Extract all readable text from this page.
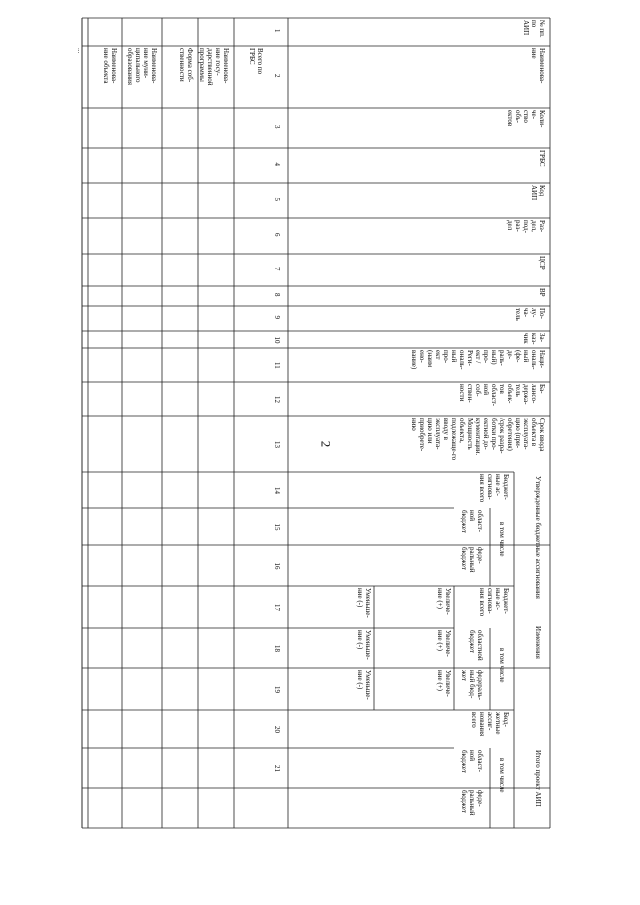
2
№ пп.поАИП
Наименова-ние
Коли-че-ствообъ-ектов
ГРБС
КодАИП
Раз-дел,под-раз-дел
ЦСР
ВР
По-лу-ча-тель
За-каз-чик
Наци-ональ-ный(фе-де-раль-ный)про-ект /Реги-ональ-ныйпро-ект(наимено-вание)
Ба-лансо-держа-тельобъек-товобласт-нойсоб-ствен-ности
Срок вводаобъекта вэксплуата-цию (при-обретения)/срок разра-ботки про-ектной до-кументации.Мощностьобъекта,подлежаще-говводу вэксплуата-цию илиприобрете-нию
Утвержденные бюджетные ассигнования
Бюджет-ные ас-сигнова-ния всего
в том числе
област-нойбюджет
феде-ральныйбюджет
Изменения
Бюджет-ные ас-сигнова-ния всего
в том числе
областнойбюджет
федераль-ный бюд-жет
Увеличе-ние (+)
Уменьше-ние (-)
Увеличе-ние (+)
Уменьше-ние (-)
Увеличе-ние (+)
Уменьше-ние (-)
Итого проект АИП
Бюд-жетныеассиг-нованиявсего
в том числе
област-нойбюджет
феде-ральныйбюджет
1
2
3
4
5
6
7
8
9
10
11
12
13
14
15
16
17
18
19
20
21
Всего поГРБС
Наименова-ние госу-дарственнойпрограммы
Форма соб-ственности
Наименова-ние муни-ципальногообразования
Наименова-ние объекта
...
